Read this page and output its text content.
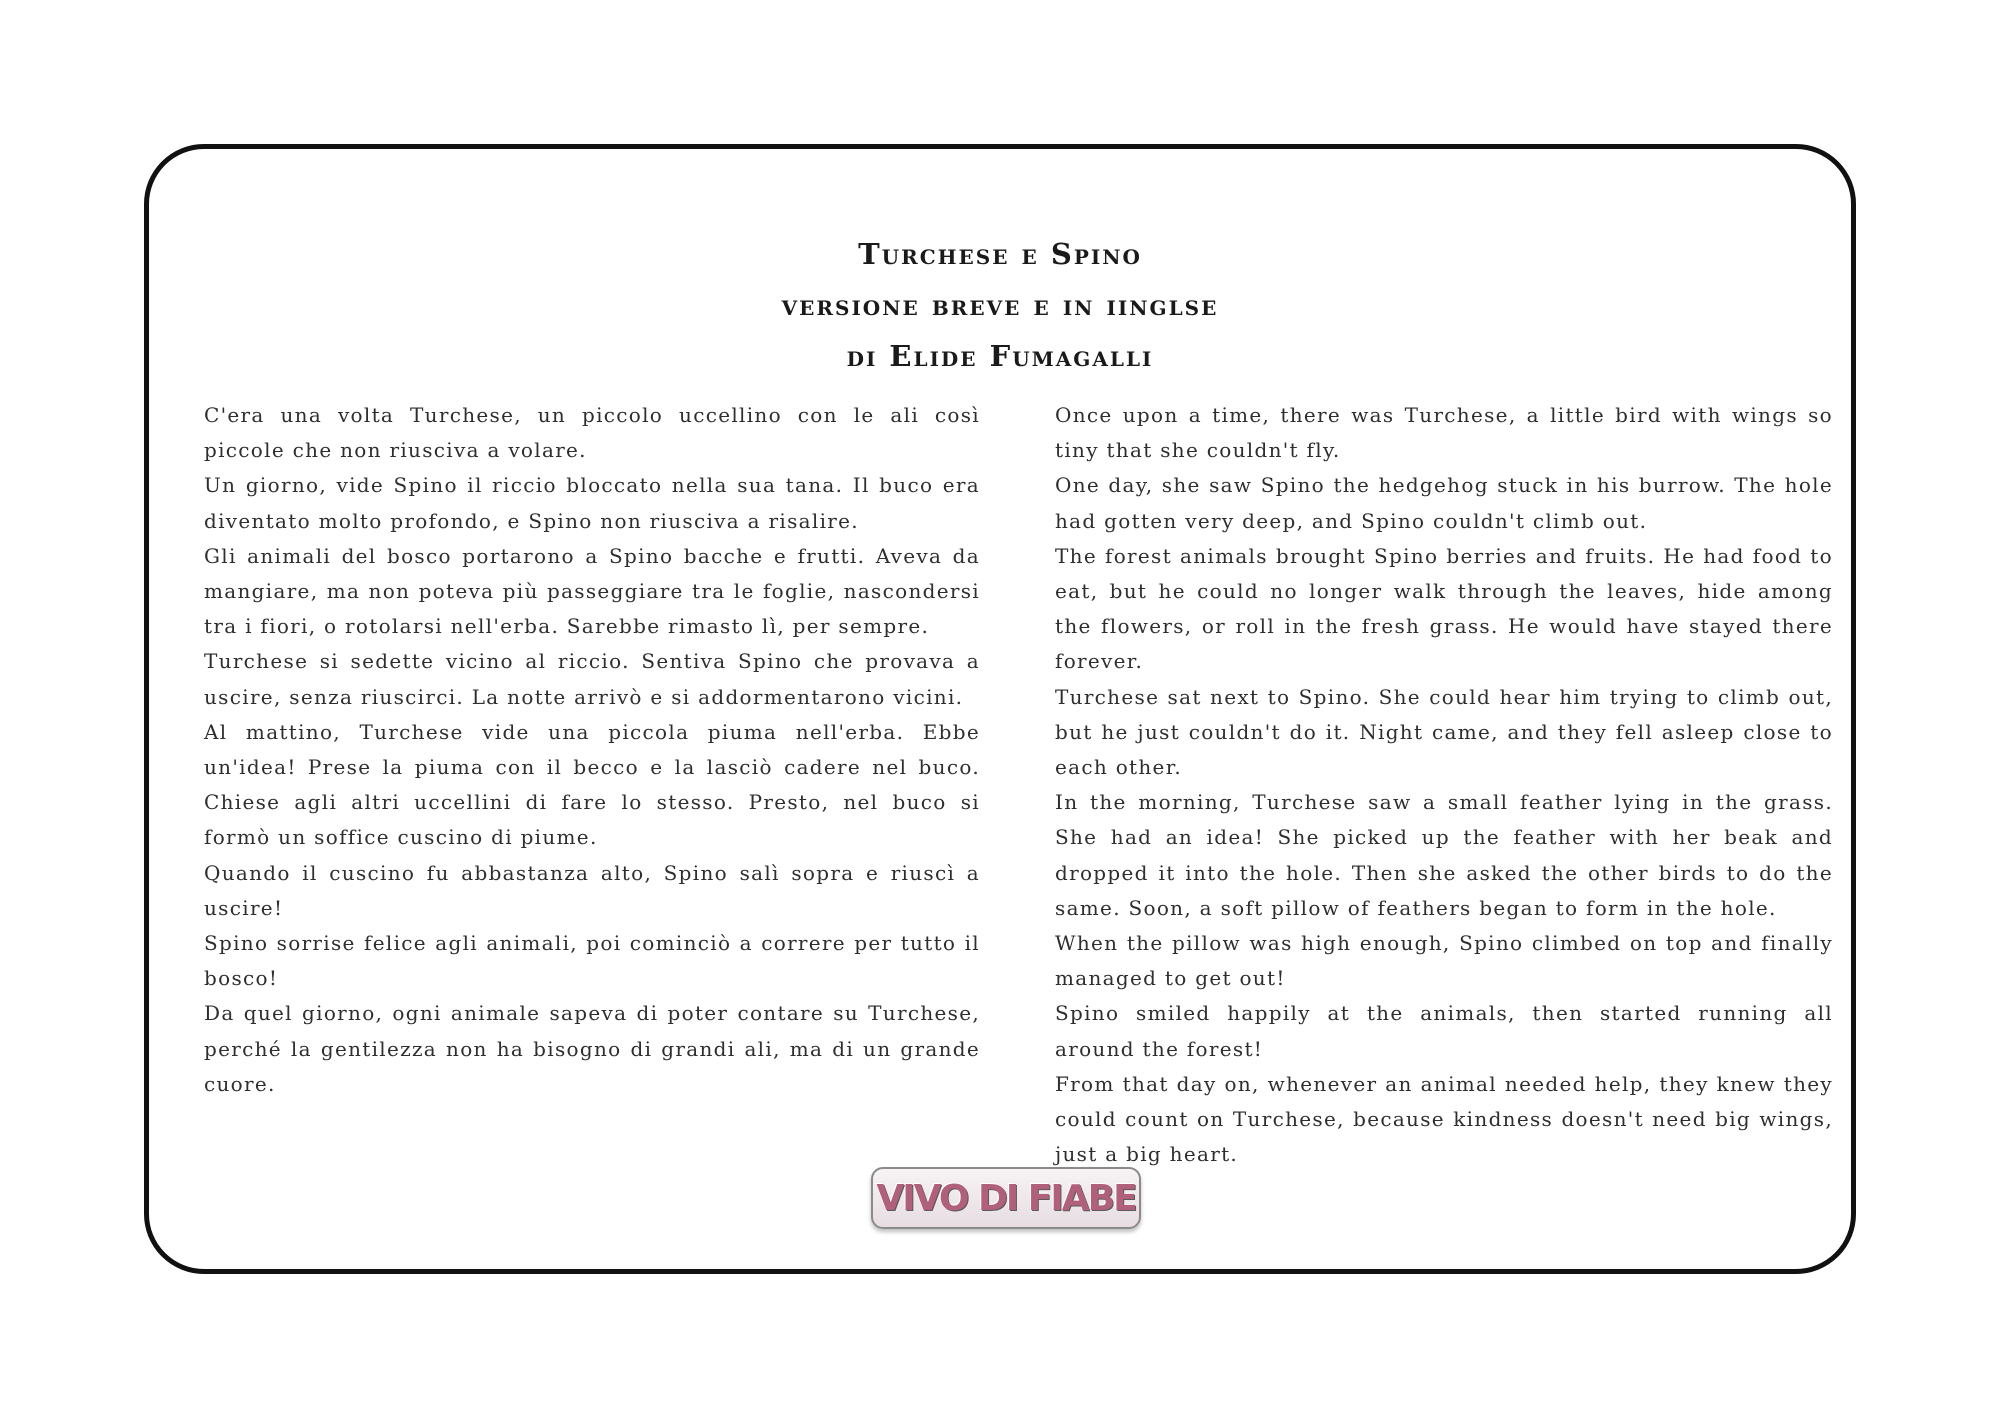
Turchese e Spino
versione breve e in iinglse
di Elide Fumagalli

C'era una volta Turchese, un piccolo uccellino con le ali così piccole che non riusciva a volare.

Un giorno, vide Spino il riccio bloccato nella sua tana. Il buco era diventato molto profondo, e Spino non riusciva a risalire.

Gli animali del bosco portarono a Spino bacche e frutti. Aveva da mangiare, ma non poteva più passeggiare tra le foglie, nascondersi tra i fiori, o rotolarsi nell'erba. Sarebbe rimasto lì, per sempre.

Turchese si sedette vicino al riccio. Sentiva Spino che provava a uscire, senza riuscirci. La notte arrivò e si addormentarono vicini.

Al mattino, Turchese vide una piccola piuma nell'erba. Ebbe un'idea! Prese la piuma con il becco e la lasciò cadere nel buco. Chiese agli altri uccellini di fare lo stesso. Presto, nel buco si formò un soffice cuscino di piume.

Quando il cuscino fu abbastanza alto, Spino salì sopra e riuscì a uscire!

Spino sorrise felice agli animali, poi cominciò a correre per tutto il bosco!

Da quel giorno, ogni animale sapeva di poter contare su Turchese, perché la gentilezza non ha bisogno di grandi ali, ma di un grande cuore.

Once upon a time, there was Turchese, a little bird with wings so tiny that she couldn't fly.

One day, she saw Spino the hedgehog stuck in his burrow. The hole had gotten very deep, and Spino couldn't climb out.

The forest animals brought Spino berries and fruits. He had food to eat, but he could no longer walk through the leaves, hide among the flowers, or roll in the fresh grass. He would have stayed there forever.

Turchese sat next to Spino. She could hear him trying to climb out, but he just couldn't do it. Night came, and they fell asleep close to each other.

In the morning, Turchese saw a small feather lying in the grass. She had an idea! She picked up the feather with her beak and dropped it into the hole. Then she asked the other birds to do the same. Soon, a soft pillow of feathers began to form in the hole.

When the pillow was high enough, Spino climbed on top and finally managed to get out!

Spino smiled happily at the animals, then started running all around the forest!

From that day on, whenever an animal needed help, they knew they could count on Turchese, because kindness doesn't need big wings, just a big heart.

VIVO DI FIABE
